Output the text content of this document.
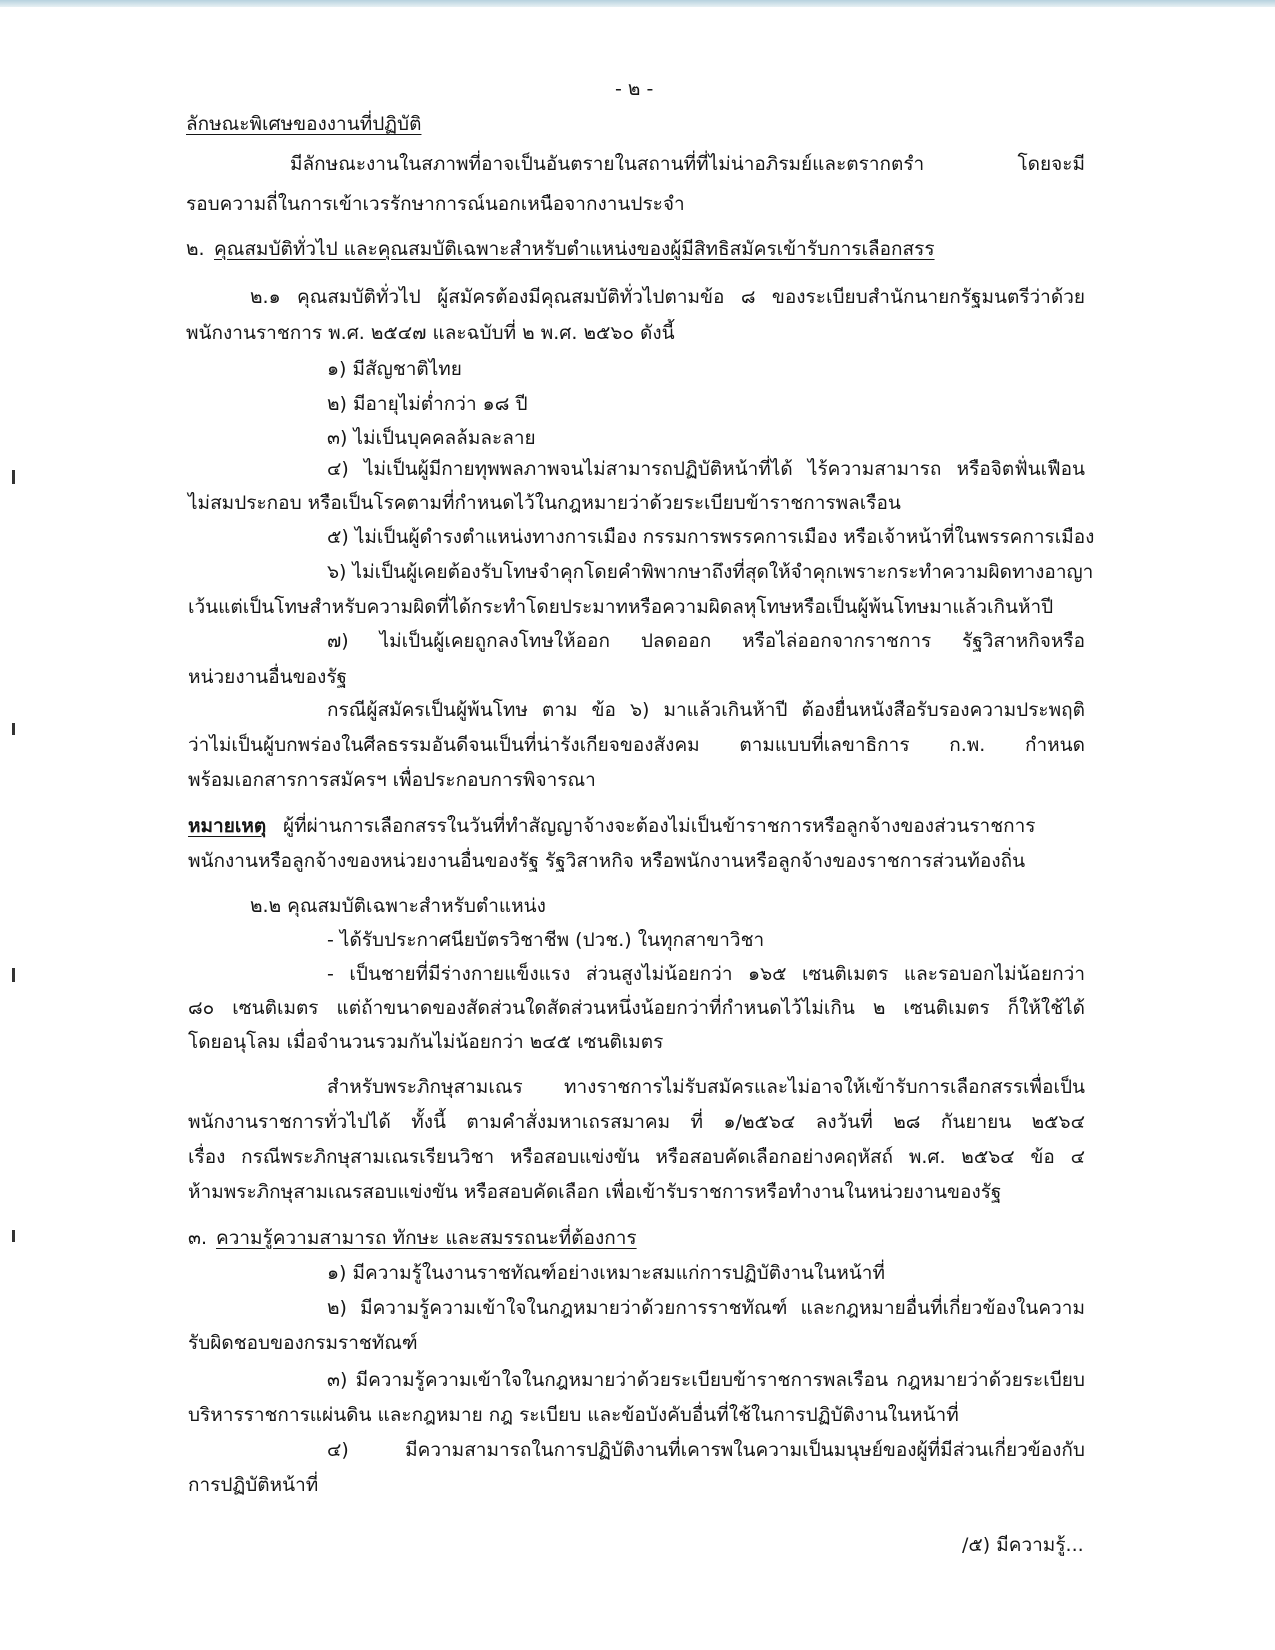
- ๒ -
ลักษณะพิเศษของงานที่ปฏิบัติ
มีลักษณะงานในสภาพที่อาจเป็นอันตรายในสถานที่ที่ไม่น่าอภิรมย์และตรากตรำ โดยจะมี
รอบความถี่ในการเข้าเวรรักษาการณ์นอกเหนือจากงานประจำ
๒. คุณสมบัติทั่วไป และคุณสมบัติเฉพาะสำหรับตำแหน่งของผู้มีสิทธิสมัครเข้ารับการเลือกสรร
๒.๑ คุณสมบัติทั่วไป ผู้สมัครต้องมีคุณสมบัติทั่วไปตามข้อ ๘ ของระเบียบสำนักนายกรัฐมนตรีว่าด้วย
พนักงานราชการ พ.ศ. ๒๕๔๗ และฉบับที่ ๒ พ.ศ. ๒๕๖๐ ดังนี้
๑) มีสัญชาติไทย
๒) มีอายุไม่ต่ำกว่า ๑๘ ปี
๓) ไม่เป็นบุคคลล้มละลาย
๔) ไม่เป็นผู้มีกายทุพพลภาพจนไม่สามารถปฏิบัติหน้าที่ได้ ไร้ความสามารถ หรือจิตฟั่นเฟือน
ไม่สมประกอบ หรือเป็นโรคตามที่กำหนดไว้ในกฎหมายว่าด้วยระเบียบข้าราชการพลเรือน
๕) ไม่เป็นผู้ดำรงตำแหน่งทางการเมือง กรรมการพรรคการเมือง หรือเจ้าหน้าที่ในพรรคการเมือง
๖) ไม่เป็นผู้เคยต้องรับโทษจำคุกโดยคำพิพากษาถึงที่สุดให้จำคุกเพราะกระทำความผิดทางอาญา
เว้นแต่เป็นโทษสำหรับความผิดที่ได้กระทำโดยประมาทหรือความผิดลหุโทษหรือเป็นผู้พ้นโทษมาแล้วเกินห้าปี
๗) ไม่เป็นผู้เคยถูกลงโทษให้ออก ปลดออก หรือไล่ออกจากราชการ รัฐวิสาหกิจหรือ
หน่วยงานอื่นของรัฐ
กรณีผู้สมัครเป็นผู้พ้นโทษ ตาม ข้อ ๖) มาแล้วเกินห้าปี ต้องยื่นหนังสือรับรองความประพฤติ
ว่าไม่เป็นผู้บกพร่องในศีลธรรมอันดีจนเป็นที่น่ารังเกียจของสังคม ตามแบบที่เลขาธิการ ก.พ. กำหนด
พร้อมเอกสารการสมัครฯ เพื่อประกอบการพิจารณา
หมายเหตุ ผู้ที่ผ่านการเลือกสรรในวันที่ทำสัญญาจ้างจะต้องไม่เป็นข้าราชการหรือลูกจ้างของส่วนราชการ
พนักงานหรือลูกจ้างของหน่วยงานอื่นของรัฐ รัฐวิสาหกิจ หรือพนักงานหรือลูกจ้างของราชการส่วนท้องถิ่น
๒.๒ คุณสมบัติเฉพาะสำหรับตำแหน่ง
- ได้รับประกาศนียบัตรวิชาชีพ (ปวช.) ในทุกสาขาวิชา
- เป็นชายที่มีร่างกายแข็งแรง ส่วนสูงไม่น้อยกว่า ๑๖๕ เซนติเมตร และรอบอกไม่น้อยกว่า
๘๐ เซนติเมตร แต่ถ้าขนาดของสัดส่วนใดสัดส่วนหนึ่งน้อยกว่าที่กำหนดไว้ไม่เกิน ๒ เซนติเมตร ก็ให้ใช้ได้
โดยอนุโลม เมื่อจำนวนรวมกันไม่น้อยกว่า ๒๔๕ เซนติเมตร
สำหรับพระภิกษุสามเณร ทางราชการไม่รับสมัครและไม่อาจให้เข้ารับการเลือกสรรเพื่อเป็น
พนักงานราชการทั่วไปได้ ทั้งนี้ ตามคำสั่งมหาเถรสมาคม ที่ ๑/๒๕๖๔ ลงวันที่ ๒๘ กันยายน ๒๕๖๔
เรื่อง กรณีพระภิกษุสามเณรเรียนวิชา หรือสอบแข่งขัน หรือสอบคัดเลือกอย่างคฤหัสถ์ พ.ศ. ๒๕๖๔ ข้อ ๔
ห้ามพระภิกษุสามเณรสอบแข่งขัน หรือสอบคัดเลือก เพื่อเข้ารับราชการหรือทำงานในหน่วยงานของรัฐ
๓. ความรู้ความสามารถ ทักษะ และสมรรถนะที่ต้องการ
๑) มีความรู้ในงานราชทัณฑ์อย่างเหมาะสมแก่การปฏิบัติงานในหน้าที่
๒) มีความรู้ความเข้าใจในกฎหมายว่าด้วยการราชทัณฑ์ และกฎหมายอื่นที่เกี่ยวข้องในความ
รับผิดชอบของกรมราชทัณฑ์
๓) มีความรู้ความเข้าใจในกฎหมายว่าด้วยระเบียบข้าราชการพลเรือน กฎหมายว่าด้วยระเบียบ
บริหารราชการแผ่นดิน และกฎหมาย กฎ ระเบียบ และข้อบังคับอื่นที่ใช้ในการปฏิบัติงานในหน้าที่
๔) มีความสามารถในการปฏิบัติงานที่เคารพในความเป็นมนุษย์ของผู้ที่มีส่วนเกี่ยวข้องกับ
การปฏิบัติหน้าที่
/๕) มีความรู้...
